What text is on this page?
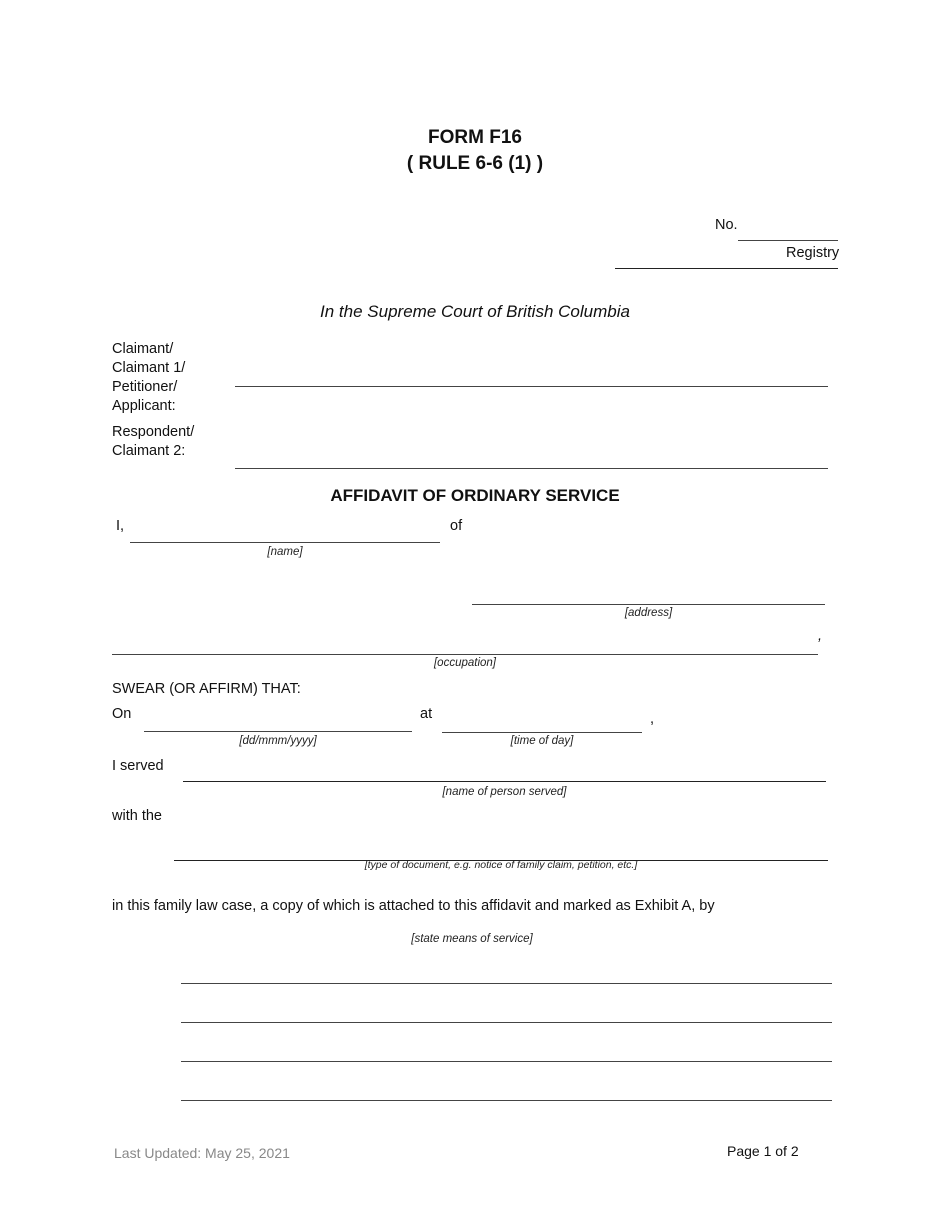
FORM F16
( RULE 6-6 (1) )
No.
Registry
In the Supreme Court of British Columbia
Claimant/
Claimant 1/
Petitioner/
Applicant:
Respondent/
Claimant 2:
AFFIDAVIT OF ORDINARY SERVICE
I,
[name]
of
[address]
,
[occupation]
SWEAR (OR AFFIRM) THAT:
On
[dd/mmm/yyyy]
at	,
[time of day]
I served
[name of person served]
with the
[type of document, e.g. notice of family claim, petition, etc.]
in this family law case, a copy of which is attached to this affidavit and marked as Exhibit A, by
[state means of service]
Last Updated: May 25, 2021	Page 1 of 2
